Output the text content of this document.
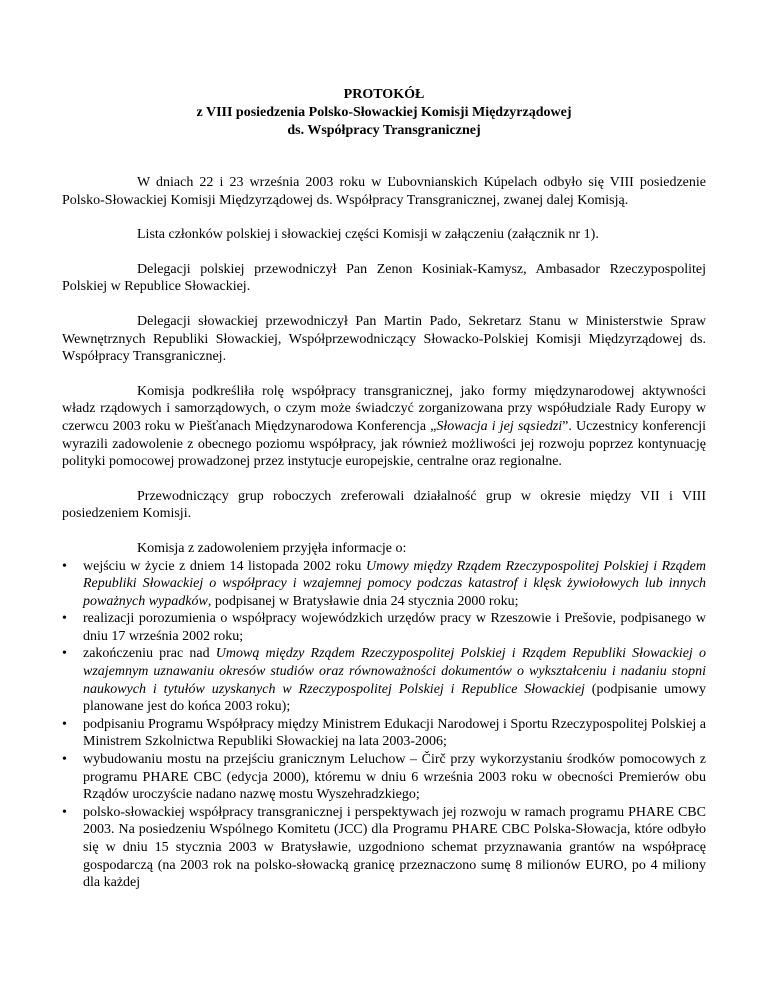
PROTOKÓŁ
z VIII posiedzenia Polsko-Słowackiej Komisji Międzyrządowej
ds. Współpracy Transgranicznej

W dniach 22 i 23 września 2003 roku w Ľubovnianskich Kúpelach odbyło się VIII posiedzenie Polsko-Słowackiej Komisji Międzyrządowej ds. Współpracy Transgranicznej, zwanej dalej Komisją.

Lista członków polskiej i słowackiej części Komisji w załączeniu (załącznik nr 1).

Delegacji polskiej przewodniczył Pan Zenon Kosiniak-Kamysz, Ambasador Rzeczypospolitej Polskiej w Republice Słowackiej.

Delegacji słowackiej przewodniczył Pan Martin Pado, Sekretarz Stanu w Ministerstwie Spraw Wewnętrznych Republiki Słowackiej, Współprzewodniczący Słowacko-Polskiej Komisji Międzyrządowej ds. Współpracy Transgranicznej.

Komisja podkreśliła rolę współpracy transgranicznej, jako formy międzynarodowej aktywności władz rządowych i samorządowych, o czym może świadczyć zorganizowana przy współudziale Rady Europy w czerwcu 2003 roku w Piešťanach Międzynarodowa Konferencja „Słowacja i jej sąsiedzi”. Uczestnicy konferencji wyrazili zadowolenie z obecnego poziomu współpracy, jak również możliwości jej rozwoju poprzez kontynuację polityki pomocowej prowadzonej przez instytucje europejskie, centralne oraz regionalne.

Przewodniczący grup roboczych zreferowali działalność grup w okresie między VII i VIII posiedzeniem Komisji.

Komisja z zadowoleniem przyjęła informacje o:

• wejściu w życie z dniem 14 listopada 2002 roku Umowy między Rządem Rzeczypospolitej Polskiej i Rządem Republiki Słowackiej o współpracy i wzajemnej pomocy podczas katastrof i klęsk żywiołowych lub innych poważnych wypadków, podpisanej w Bratysławie dnia 24 stycznia 2000 roku;
• realizacji porozumienia o współpracy wojewódzkich urzędów pracy w Rzeszowie i Prešovie, podpisanego w dniu 17 września 2002 roku;
• zakończeniu prac nad Umową między Rządem Rzeczypospolitej Polskiej i Rządem Republiki Słowackiej o wzajemnym uznawaniu okresów studiów oraz równoważności dokumentów o wykształceniu i nadaniu stopni naukowych i tytułów uzyskanych w Rzeczypospolitej Polskiej i Republice Słowackiej (podpisanie umowy planowane jest do końca 2003 roku);
• podpisaniu Programu Współpracy między Ministrem Edukacji Narodowej i Sportu Rzeczypospolitej Polskiej a Ministrem Szkolnictwa Republiki Słowackiej na lata 2003-2006;
• wybudowaniu mostu na przejściu granicznym Leluchow – Čirč przy wykorzystaniu środków pomocowych z programu PHARE CBC (edycja 2000), któremu w dniu 6 września 2003 roku w obecności Premierów obu Rządów uroczyście nadano nazwę mostu Wyszehradzkiego;
• polsko-słowackiej współpracy transgranicznej i perspektywach jej rozwoju w ramach programu PHARE CBC 2003. Na posiedzeniu Wspólnego Komitetu (JCC) dla Programu PHARE CBC Polska-Słowacja, które odbyło się w dniu 15 stycznia 2003 w Bratysławie, uzgodniono schemat przyznawania grantów na współpracę gospodarczą (na 2003 rok na polsko-słowacką granicę przeznaczono sumę 8 milionów EURO, po 4 miliony dla każdej
